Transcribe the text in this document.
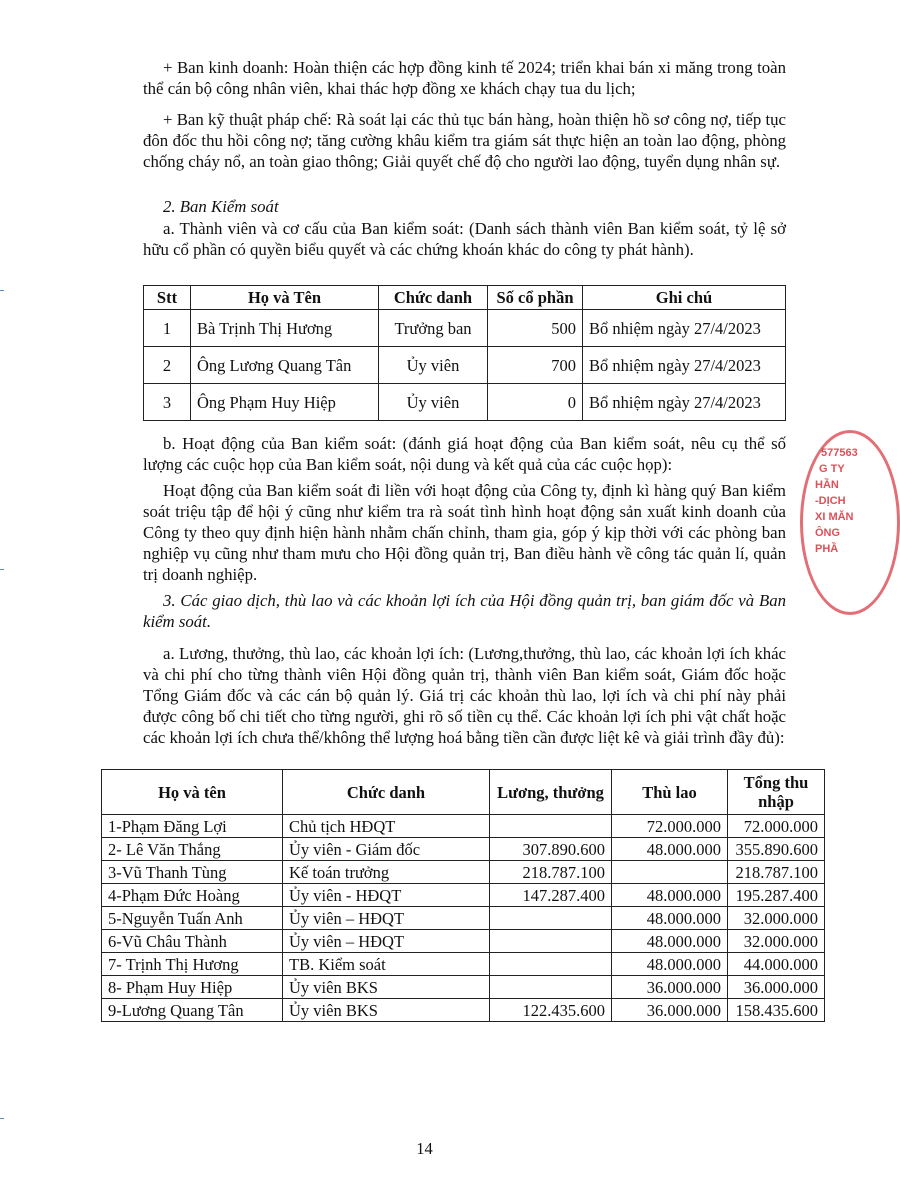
+ Ban kinh doanh: Hoàn thiện các hợp đồng kinh tế 2024; triển khai bán xi măng trong toàn thể cán bộ công nhân viên, khai thác hợp đồng xe khách chạy tua du lịch;
+ Ban kỹ thuật pháp chế: Rà soát lại các thủ tục bán hàng, hoàn thiện hồ sơ công nợ, tiếp tục đôn đốc thu hồi công nợ; tăng cường khâu kiểm tra giám sát thực hiện an toàn lao động, phòng chống cháy nổ, an toàn giao thông; Giải quyết chế độ cho người lao động, tuyển dụng nhân sự.
2. Ban Kiểm soát
a. Thành viên và cơ cấu của Ban kiểm soát: (Danh sách thành viên Ban kiểm soát, tỷ lệ sở hữu cổ phần có quyền biểu quyết và các chứng khoán khác do công ty phát hành).
Stt	Họ và Tên	Chức danh	Số cổ phần	Ghi chú
1	Bà Trịnh Thị Hương	Trưởng ban	500	Bổ nhiệm ngày 27/4/2023
2	Ông Lương Quang Tân	Ủy viên	700	Bổ nhiệm ngày 27/4/2023
3	Ông Phạm Huy Hiệp	Ủy viên	0	Bổ nhiệm ngày 27/4/2023
b. Hoạt động của Ban kiểm soát: (đánh giá hoạt động của Ban kiểm soát, nêu cụ thể số lượng các cuộc họp của Ban kiểm soát, nội dung và kết quả của các cuộc họp):
Hoạt động của Ban kiểm soát đi liền với hoạt động của Công ty, định kì hàng quý Ban kiểm soát triệu tập để hội ý cũng như kiểm tra rà soát tình hình hoạt động sản xuất kinh doanh của Công ty theo quy định hiện hành nhằm chấn chỉnh, tham gia, góp ý kịp thời với các phòng ban nghiệp vụ cũng như tham mưu cho Hội đồng quản trị, Ban điều hành về công tác quản lí, quản trị doanh nghiệp.
3. Các giao dịch, thù lao và các khoản lợi ích của Hội đồng quản trị, ban giám đốc và Ban kiểm soát.
a. Lương, thưởng, thù lao, các khoản lợi ích: (Lương,thưởng, thù lao, các khoản lợi ích khác và chi phí cho từng thành viên Hội đồng quản trị, thành viên Ban kiểm soát, Giám đốc hoặc Tổng Giám đốc và các cán bộ quản lý. Giá trị các khoản thù lao, lợi ích và chi phí này phải được công bố chi tiết cho từng người, ghi rõ số tiền cụ thể. Các khoản lợi ích phi vật chất hoặc các khoản lợi ích chưa thể/không thể lượng hoá bằng tiền cần được liệt kê và giải trình đầy đủ):
Họ và tên	Chức danh	Lương, thưởng	Thù lao	Tổng thu nhập
1-Phạm Đăng Lợi	Chủ tịch HĐQT		72.000.000	72.000.000
2- Lê Văn Thắng	Ủy viên - Giám đốc	307.890.600	48.000.000	355.890.600
3-Vũ Thanh Tùng	Kế toán trưởng	218.787.100		218.787.100
4-Phạm Đức Hoàng	Ủy viên - HĐQT	147.287.400	48.000.000	195.287.400
5-Nguyễn Tuấn Anh	Ủy viên – HĐQT		48.000.000	32.000.000
6-Vũ Châu Thành	Ủy viên – HĐQT		48.000.000	32.000.000
7- Trịnh Thị Hương	TB. Kiểm soát		48.000.000	44.000.000
8- Phạm Huy Hiệp	Ủy viên BKS		36.000.000	36.000.000
9-Lương Quang Tân	Ủy viên BKS	122.435.600	36.000.000	158.435.600
14
577563
G TY
HẦN
-DỊCH
XI MĂN
ÔNG
PHẦ
